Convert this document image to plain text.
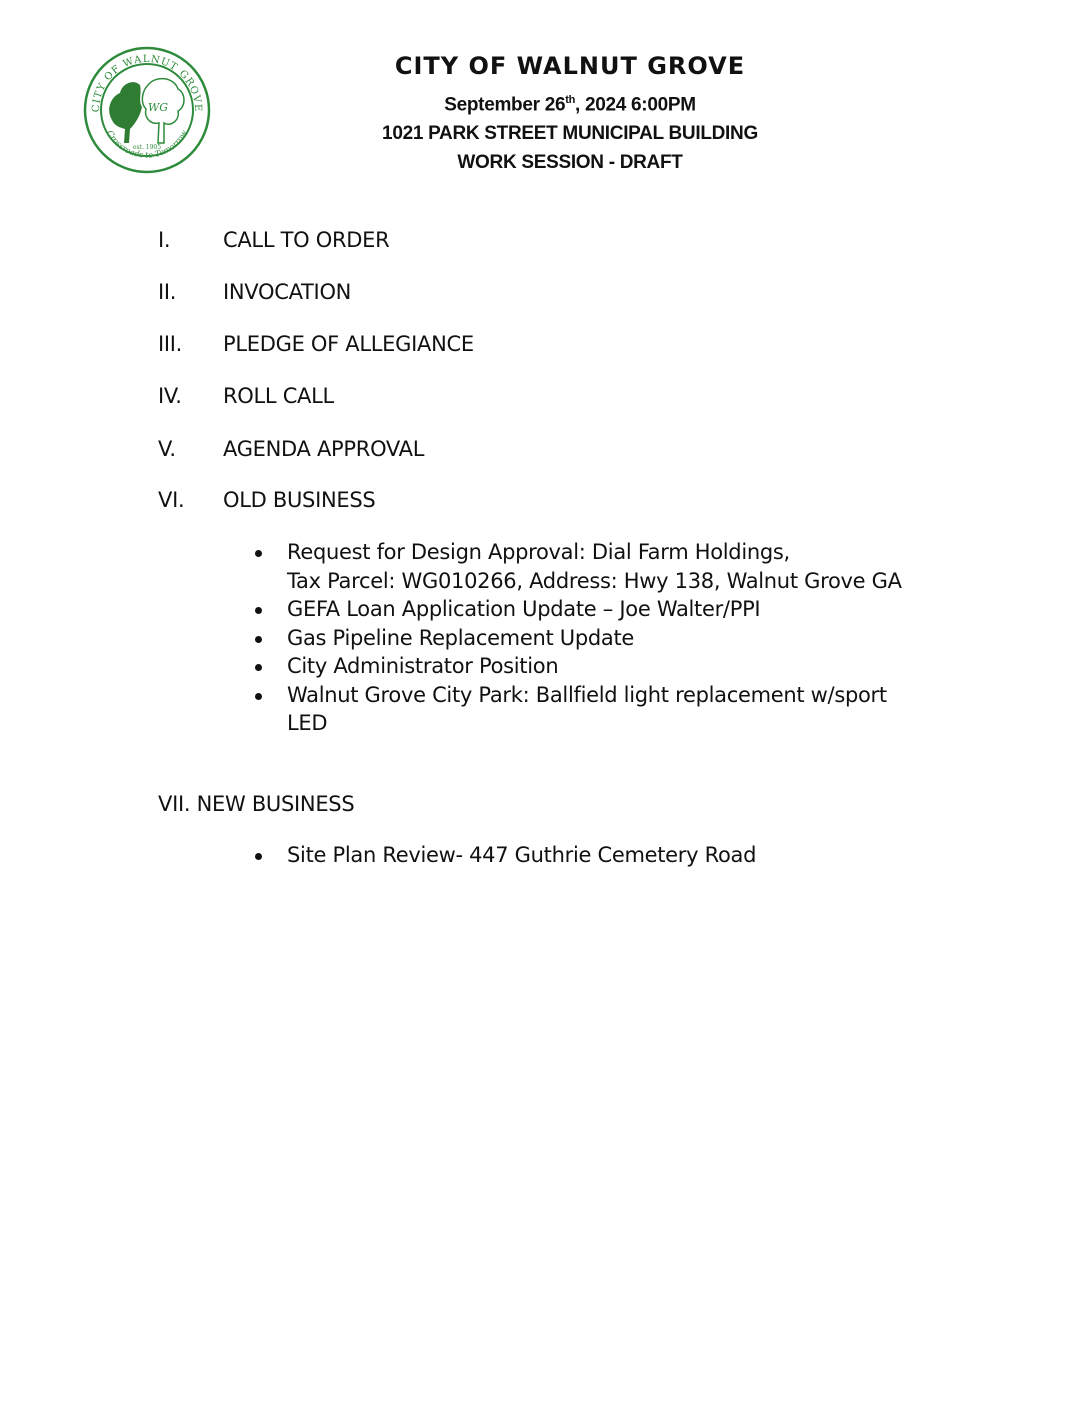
CITY OF WALNUT GROVE
Crossroads to Tomorrow
WG
est. 1905
CITY OF WALNUT GROVE
September 26th, 2024 6:00PM
1021 PARK STREET MUNICIPAL BUILDING
WORK SESSION - DRAFT
I.	CALL TO ORDER
II. INVOCATION
III. PLEDGE OF ALLEGIANCE
IV. ROLL CALL
V. AGENDA APPROVAL
VI. OLD BUSINESS
Request for Design Approval: Dial Farm Holdings,
Tax Parcel: WG010266, Address: Hwy 138, Walnut Grove GA
GEFA Loan Application Update – Joe Walter/PPI
Gas Pipeline Replacement Update
City Administrator Position
Walnut Grove City Park: Ballfield light replacement w/sport
LED
VII. NEW BUSINESS
Site Plan Review- 447 Guthrie Cemetery Road
